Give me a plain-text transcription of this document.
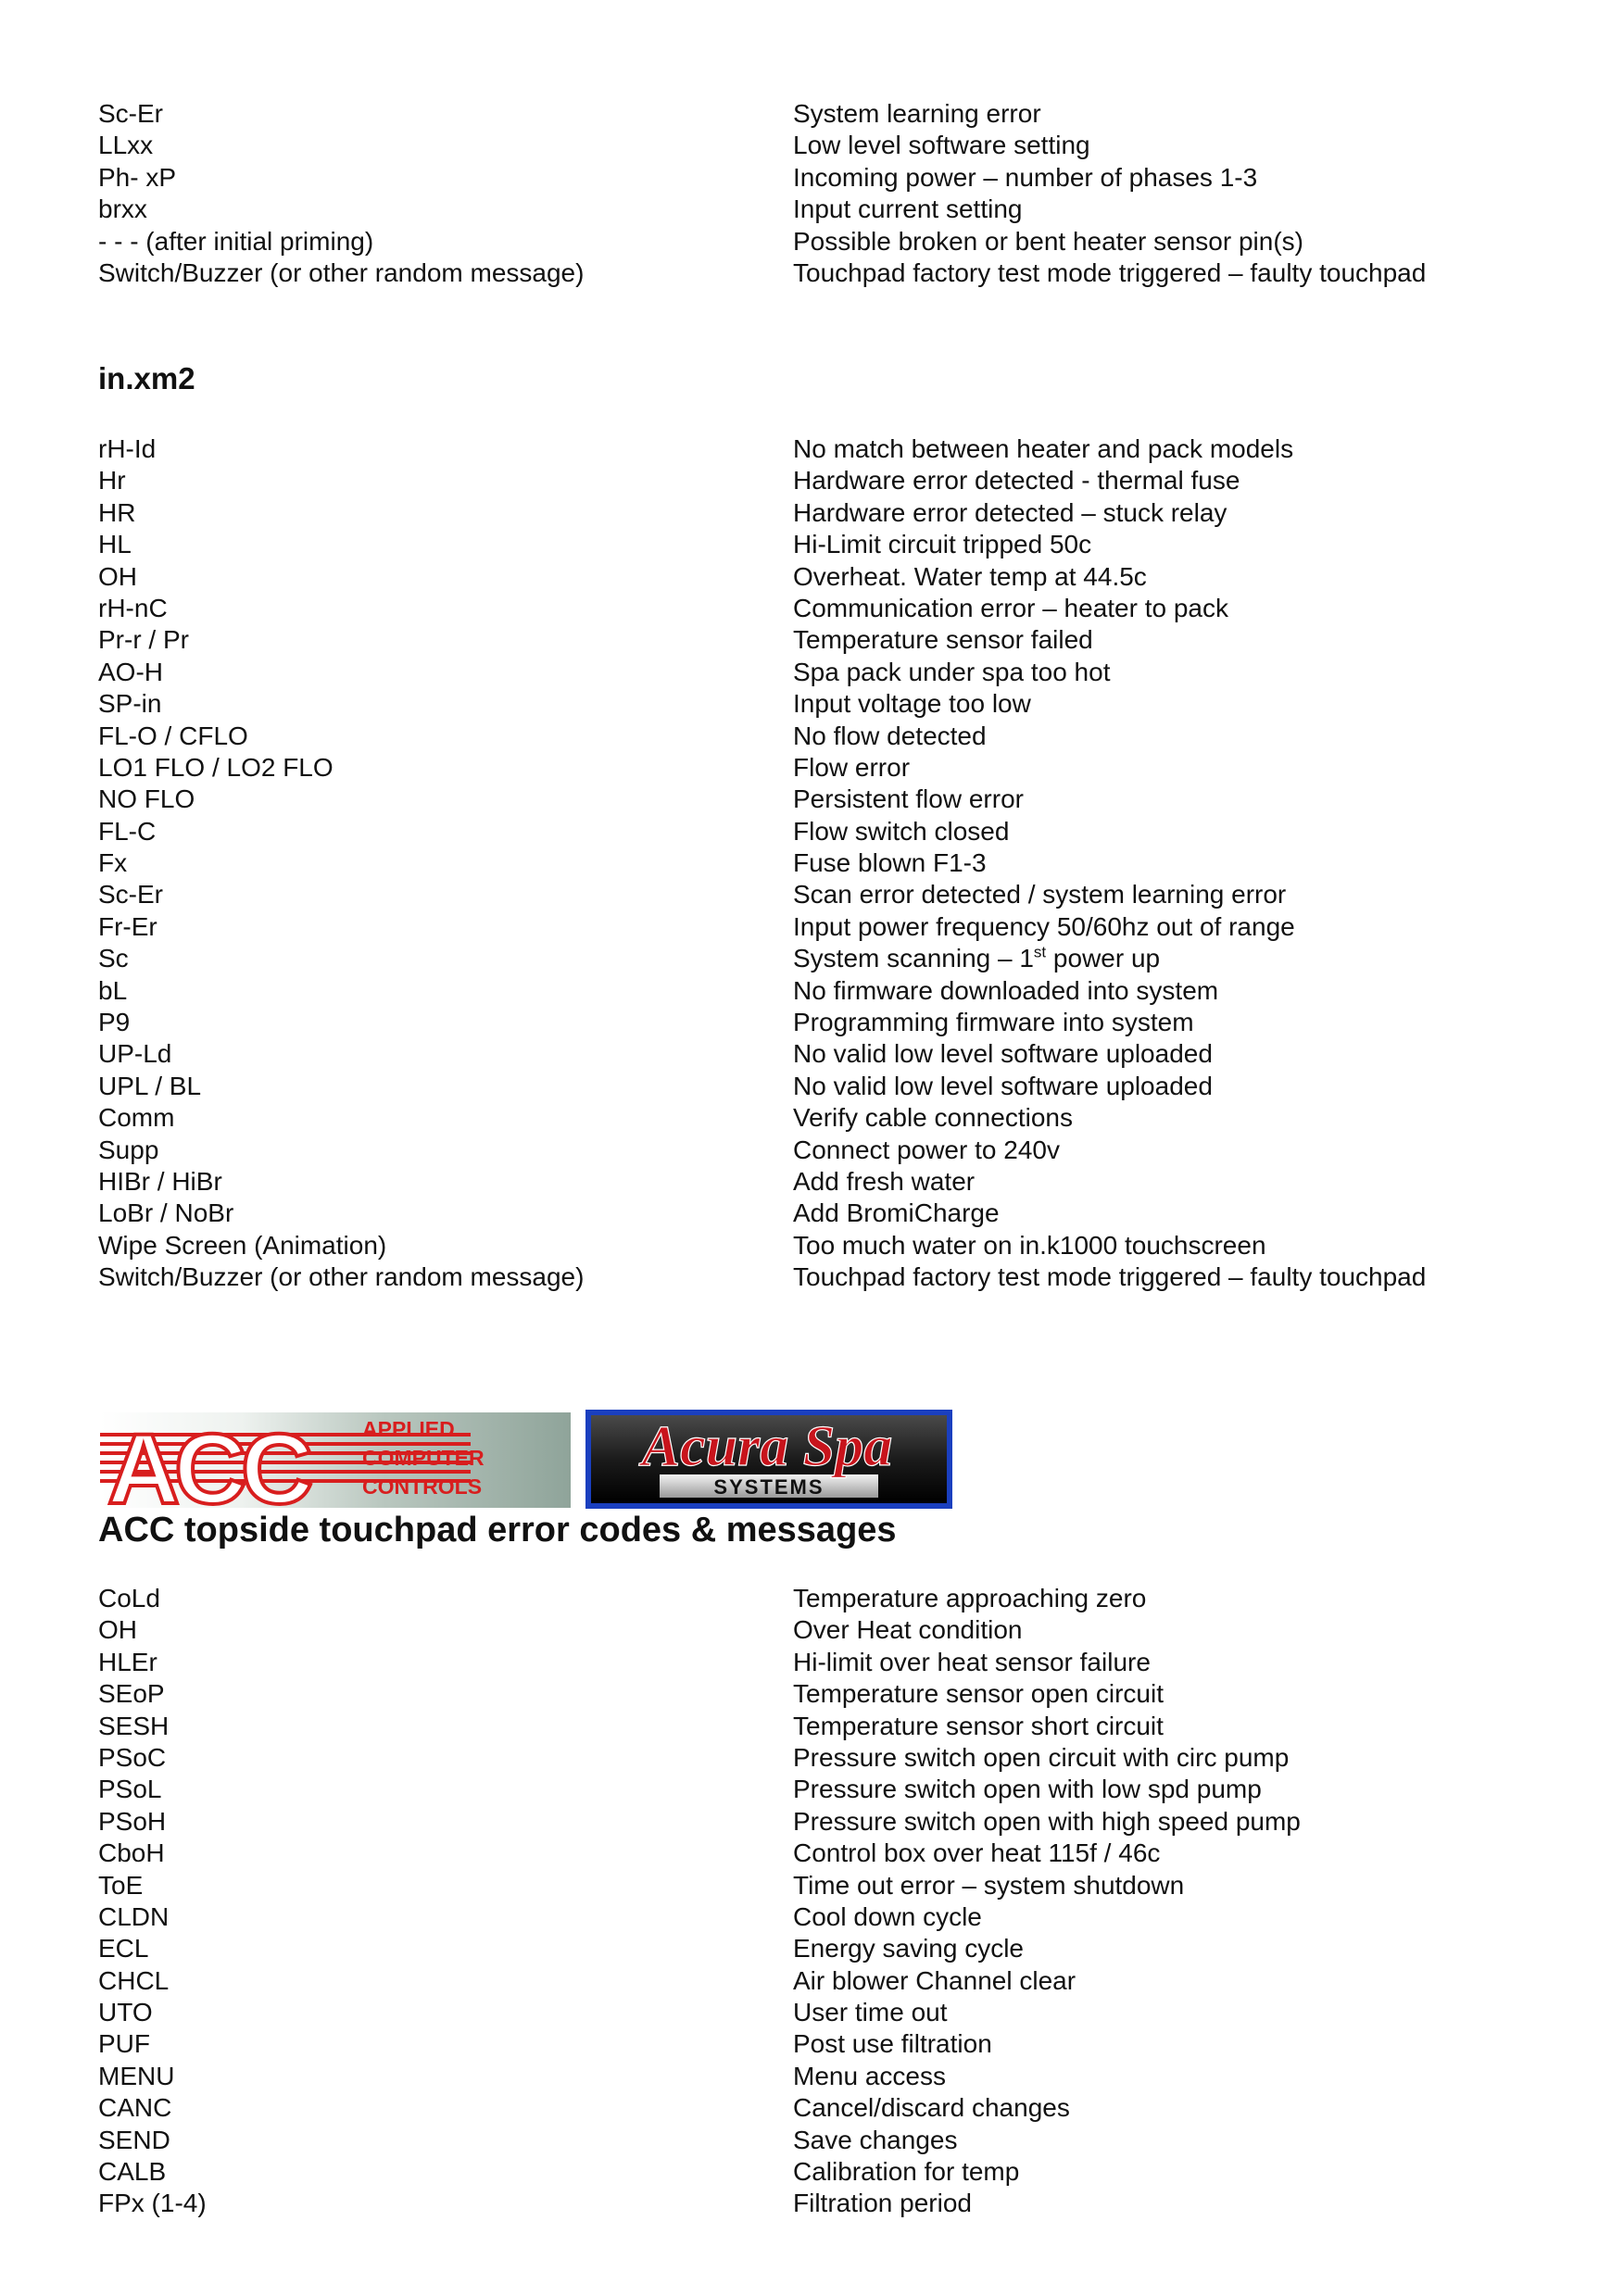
Sc-Er	System learning error
LLxx	Low level software setting
Ph- xP	Incoming power – number of phases 1-3
brxx	Input current setting
- - - (after initial priming)	Possible broken or bent heater sensor pin(s)
Switch/Buzzer (or other random message)	Touchpad factory test mode triggered – faulty touchpad
in.xm2
rH-Id	No match between heater and pack models
Hr	Hardware error detected - thermal fuse
HR	Hardware error detected – stuck relay
HL	Hi-Limit circuit tripped 50c
OH	Overheat. Water temp at 44.5c
rH-nC	Communication error – heater to pack
Pr-r / Pr	Temperature sensor failed
AO-H	Spa pack under spa too hot
SP-in	Input voltage too low
FL-O / CFLO	No flow detected
LO1 FLO / LO2 FLO	Flow error
NO FLO	Persistent flow error
FL-C	Flow switch closed
Fx	Fuse blown F1-3
Sc-Er	Scan error detected / system learning error
Fr-Er	Input power frequency 50/60hz out of range
Sc	System scanning – 1st power up
bL	No firmware downloaded into system
P9	Programming firmware into system
UP-Ld	No valid low level software uploaded
UPL / BL	No valid low level software uploaded
Comm	Verify cable connections
Supp	Connect power to 240v
HIBr / HiBr	Add fresh water
LoBr / NoBr	Add BromiCharge
Wipe Screen (Animation)	Too much water on in.k1000 touchscreen
Switch/Buzzer (or other random message)	Touchpad factory test mode triggered – faulty touchpad
ACC	APPLIED
COMPUTER
CONTROLS	SYSTEMS
Acura Spa
ACC topside touchpad error codes & messages
CoLd	Temperature approaching zero
OH	Over Heat condition
HLEr	Hi-limit over heat sensor failure
SEoP	Temperature sensor open circuit
SESH	Temperature sensor short circuit
PSoC	Pressure switch open circuit with circ pump
PSoL	Pressure switch open with low spd pump
PSoH	Pressure switch open with high speed pump
CboH	Control box over heat 115f / 46c
ToE	Time out error – system shutdown
CLDN	Cool down cycle
ECL	Energy saving cycle
CHCL	Air blower Channel clear
UTO	User time out
PUF	Post use filtration
MENU	Menu access
CANC	Cancel/discard changes
SEND	Save changes
CALB	Calibration for temp
FPx (1-4)	Filtration period
